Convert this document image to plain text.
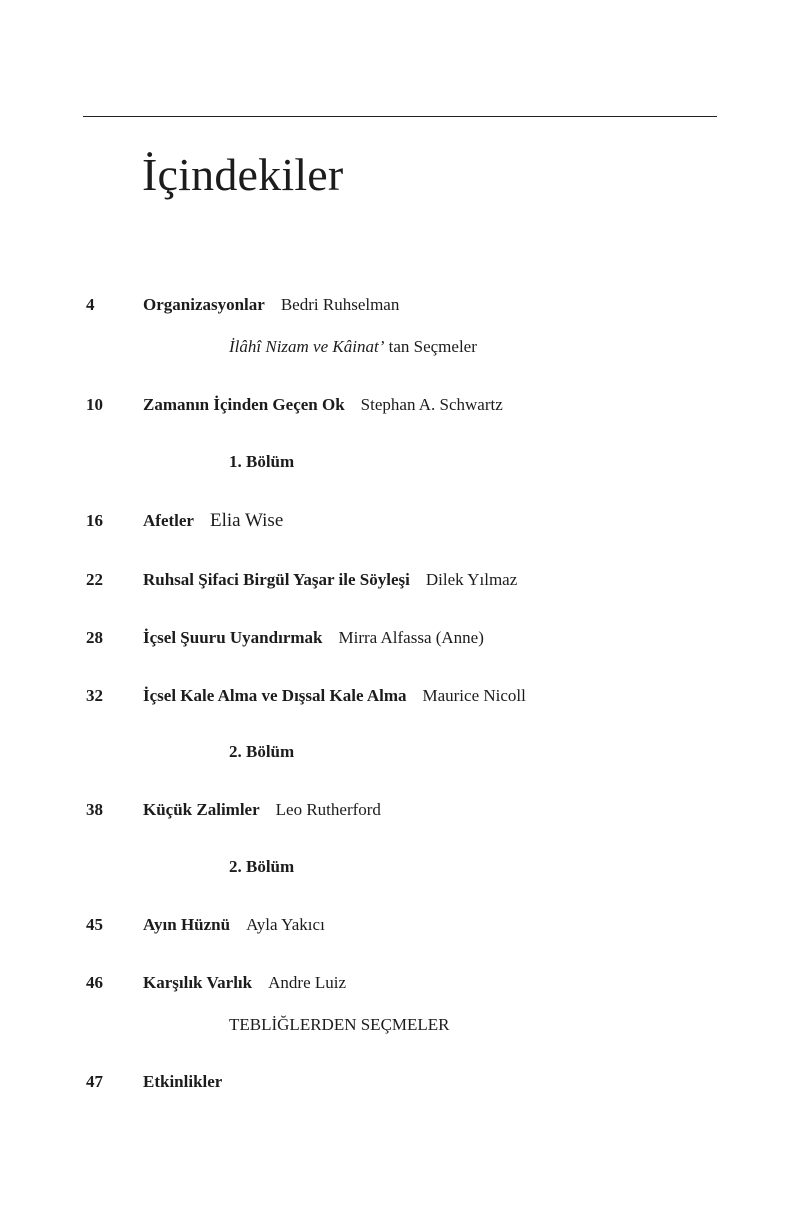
İçindekiler
4	Organizasyonlar Bedri Ruhselman
İlâhî Nizam ve Kâinat’ tan Seçmeler
10 Zamanın İçinden Geçen Ok Stephan A. Schwartz
1. Bölüm
16 Afetler Elia Wise
22 Ruhsal Şifaci Birgül Yaşar ile Söyleşi Dilek Yılmaz
28 İçsel Şuuru Uyandırmak Mirra Alfassa (Anne)
32 İçsel Kale Alma ve Dışsal Kale Alma Maurice Nicoll
2. Bölüm
38 Küçük Zalimler Leo Rutherford
2. Bölüm
45 Ayın Hüznü Ayla Yakıcı
46 Karşılık Varlık Andre Luiz
TEBLİĞLERDEN SEÇMELER
47 Etkinlikler
